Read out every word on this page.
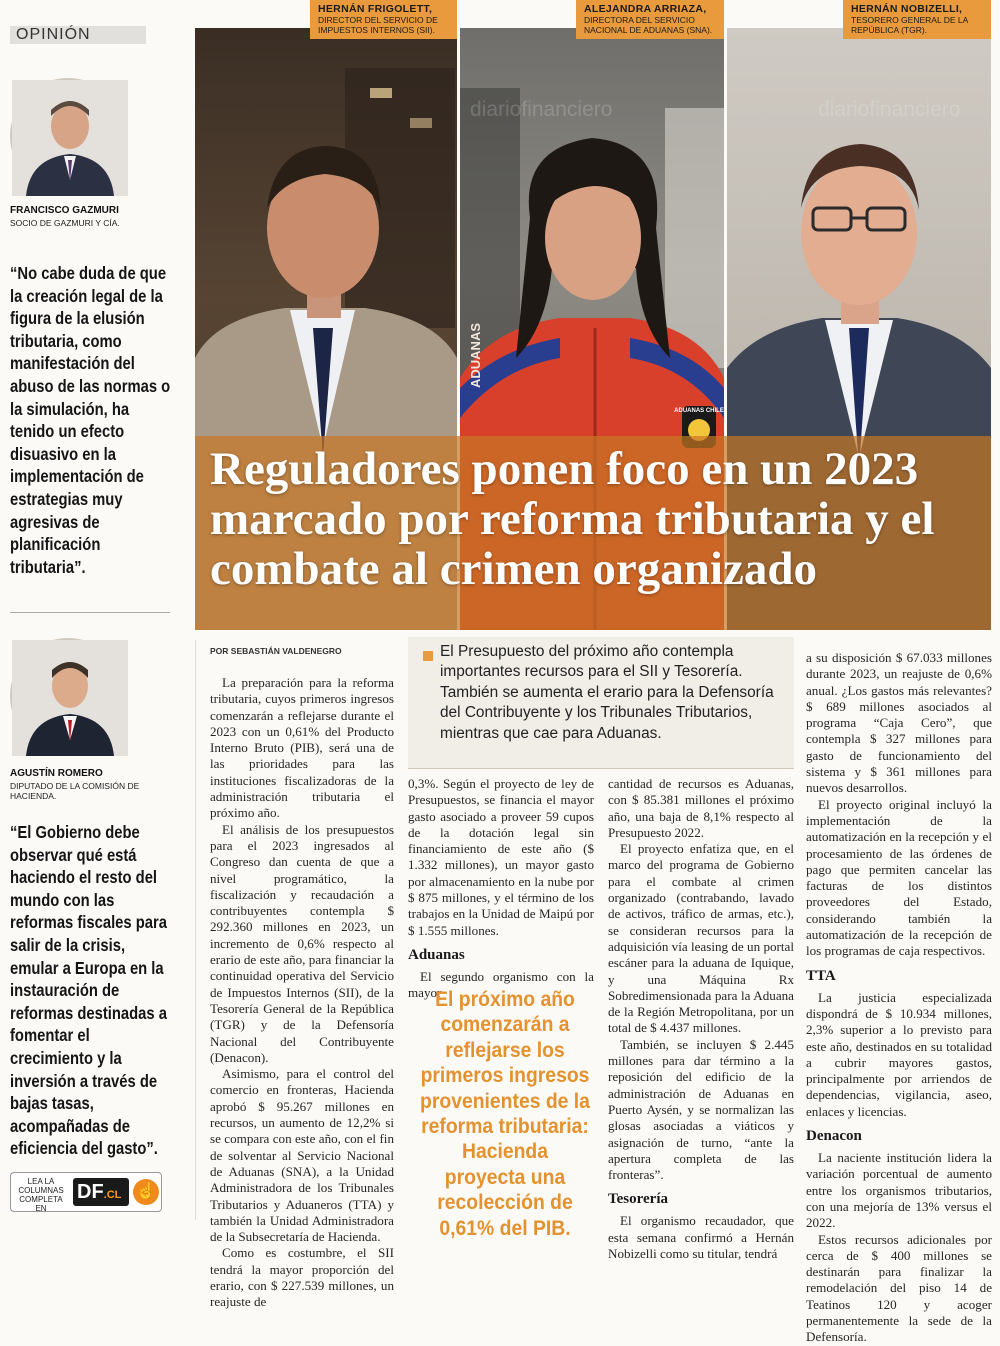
OPINIÓN
FRANCISCO GAZMURI
SOCIO DE GAZMURI Y CÍA.
“No cabe duda de que la creación legal de la figura de la elusión tributaria, como manifestación del abuso de las normas o la simulación, ha tenido un efecto disuasivo en la implementación de estrategias muy agresivas de planificación tributaria”.
AGUSTÍN ROMERO
DIPUTADO DE LA COMISIÓN DE HACIENDA.
“El Gobierno debe observar qué está haciendo el resto del mundo con las reformas fiscales para salir de la crisis, emular a Europa en la instauración de reformas destinadas a fomentar el crecimiento y la inversión a través de bajas tasas, acompañadas de eficiencia del gasto”.
LEA LA COLUMNAS COMPLETA EN
DF.CL ☝
ADUANAS
ADUANAS CHILE
HERNÁN FRIGOLETT,
DIRECTOR DEL SERVICIO DE IMPUESTOS INTERNOS (SII).
ALEJANDRA ARRIAZA,
DIRECTORA DEL SERVICIO NACIONAL DE ADUANAS (SNA).
HERNÁN NOBIZELLI,
TESORERO GENERAL DE LA REPÚBLICA (TGR).
diariofinanciero	diariofinanciero
Reguladores ponen foco en un 2023 marcado por reforma tributaria y el combate al crimen organizado
POR SEBASTIÁN VALDENEGRO

La preparación para la reforma tributaria, cuyos primeros ingresos comenzarán a reflejarse durante el 2023 con un 0,61% del Producto Interno Bruto (PIB), será una de las prioridades para las instituciones fiscalizadoras de la administración tributaria el próximo año.

El análisis de los presupuestos para el 2023 ingresados al Congreso dan cuenta de que a nivel programático, la fiscalización y recaudación a contribuyentes contempla $ 292.360 millones en 2023, un incremento de 0,6% respecto al erario de este año, para financiar la continuidad operativa del Servicio de Impuestos Internos (SII), de la Tesorería General de la República (TGR) y de la Defensoría Nacional del Contribuyente (Denacon).

Asimismo, para el control del comercio en fronteras, Hacienda aprobó $ 95.267 millones en recursos, un aumento de 12,2% si se compara con este año, con el fin de solventar al Servicio Nacional de Aduanas (SNA), a la Unidad Administradora de los Tribunales Tributarios y Aduaneros (TTA) y también la Unidad Administradora de la Subsecretaría de Hacienda.

Como es costumbre, el SII tendrá la mayor proporción del erario, con $ 227.539 millones, un reajuste de

El Presupuesto del próximo año contempla importantes recursos para el SII y Tesorería. También se aumenta el erario para la Defensoría del Contribuyente y los Tribunales Tributarios, mientras que cae para Aduanas.

0,3%. Según el proyecto de ley de Presupuestos, se financia el mayor gasto asociado a proveer 59 cupos de la dotación legal sin financiamiento de este año ($ 1.332 millones), un mayor gasto por almacenamiento en la nube por $ 875 millones, y el término de los trabajos en la Unidad de Maipú por $ 1.555 millones.

Aduanas

El segundo organismo con la mayor

El próximo año comenzarán a reflejarse los primeros ingresos provenientes de la reforma tributaria: Hacienda proyecta una recolección de 0,61% del PIB.

cantidad de recursos es Aduanas, con $ 85.381 millones el próximo año, una baja de 8,1% respecto al Presupuesto 2022.

El proyecto enfatiza que, en el marco del programa de Gobierno para el combate al crimen organizado (contrabando, lavado de activos, tráfico de armas, etc.), se consideran recursos para la adquisición vía leasing de un portal escáner para la aduana de Iquique, y una Máquina Rx Sobredimensionada para la Aduana de la Región Metropolitana, por un total de $ 4.437 millones.

También, se incluyen $ 2.445 millones para dar término a la reposición del edificio de la administración de Aduanas en Puerto Aysén, y se normalizan las glosas asociadas a viáticos y asignación de turno, “ante la apertura completa de las fronteras”.

Tesorería

El organismo recaudador, que esta semana confirmó a Hernán Nobizelli como su titular, tendrá

a su disposición $ 67.033 millones durante 2023, un reajuste de 0,6% anual. ¿Los gastos más relevantes? $ 689 millones asociados al programa “Caja Cero”, que contempla $ 327 millones para gasto de funcionamiento del sistema y $ 361 millones para nuevos desarrollos.

El proyecto original incluyó la implementación de la automatización en la recepción y el procesamiento de las órdenes de pago que permiten cancelar las facturas de los distintos proveedores del Estado, considerando también la automatización de la recepción de los programas de caja respectivos.

TTA

La justicia especializada dispondrá de $ 10.934 millones, 2,3% superior a lo previsto para este año, destinados en su totalidad a cubrir mayores gastos, principalmente por arriendos de dependencias, vigilancia, aseo, enlaces y licencias.

Denacon

La naciente institución lidera la variación porcentual de aumento entre los organismos tributarios, con una mejoría de 13% versus el 2022.

Estos recursos adicionales por cerca de $ 400 millones se destinarán para finalizar la remodelación del piso 14 de Teatinos 120 y acoger permanentemente la sede de la Defensoría.
